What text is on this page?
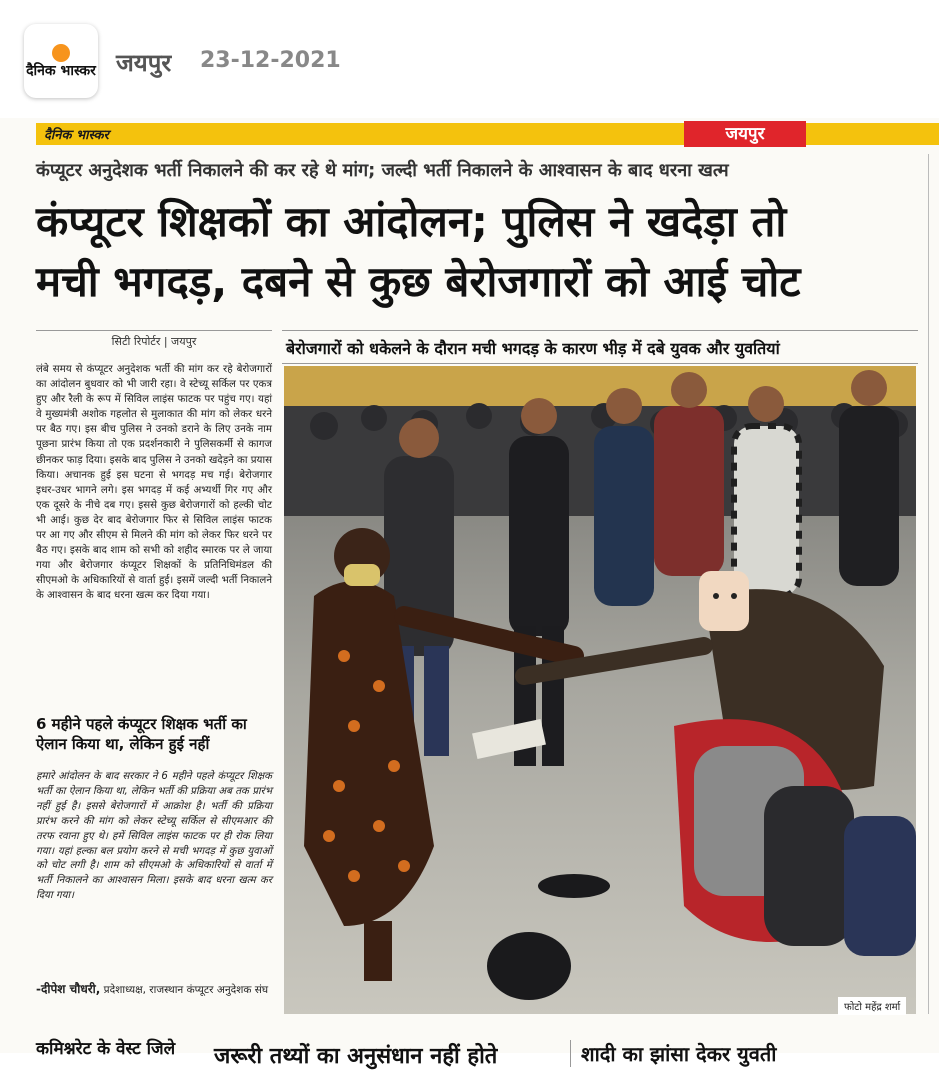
दैनिक भास्कर जयपुर 23-12-2021
दैनिक भास्कर	जयपुर
कंप्यूटर अनुदेशक भर्ती निकालने की कर रहे थे मांग; जल्दी भर्ती निकालने के आश्वासन के बाद धरना खत्म
कंप्यूटर शिक्षकों का आंदोलन; पुलिस ने खदेड़ा तो
मची भगदड़, दबने से कुछ बेरोजगारों को आई चोट
सिटी रिपोर्टर | जयपुर
लंबे समय से कंप्यूटर अनुदेशक भर्ती की मांग कर रहे बेरोजगारों का आंदोलन बुधवार को भी जारी रहा। वे स्टेच्यू सर्किल पर एकत्र हुए और रैली के रूप में सिविल लाइंस फाटक पर पहुंच गए। यहां वे मुख्यमंत्री अशोक गहलोत से मुलाकात की मांग को लेकर धरने पर बैठ गए। इस बीच पुलिस ने उनको डराने के लिए उनके नाम पूछना प्रारंभ किया तो एक प्रदर्शनकारी ने पुलिसकर्मी से कागज छीनकर फाड़ दिया। इसके बाद पुलिस ने उनको खदेड़ने का प्रयास किया। अचानक हुई इस घटना से भगदड़ मच गई। बेरोजगार इधर-उधर भागने लगे। इस भगदड़ में कई अभ्यर्थी गिर गए और एक दूसरे के नीचे दब गए। इससे कुछ बेरोजगारों को हल्की चोट भी आई। कुछ देर बाद बेरोजगार फिर से सिविल लाइंस फाटक पर आ गए और सीएम से मिलने की मांग को लेकर फिर धरने पर बैठ गए। इसके बाद शाम को सभी को शहीद स्मारक पर ले जाया गया और बेरोजगार कंप्यूटर शिक्षकों के प्रतिनिधिमंडल की सीएमओ के अधिकारियों से वार्ता हुई। इसमें जल्दी भर्ती निकालने के आश्वासन के बाद धरना खत्म कर दिया गया।
6 महीने पहले कंप्यूटर शिक्षक भर्ती का ऐलान किया था, लेकिन हुई नहीं
हमारे आंदोलन के बाद सरकार ने 6 महीने पहले कंप्यूटर शिक्षक भर्ती का ऐलान किया था, लेकिन भर्ती की प्रक्रिया अब तक प्रारंभ नहीं हुई है। इससे बेरोजगारों में आक्रोश है। भर्ती की प्रक्रिया प्रारंभ करने की मांग को लेकर स्टेच्यू सर्किल से सीएमआर की तरफ रवाना हुए थे। हमें सिविल लाइंस फाटक पर ही रोक लिया गया। यहां हल्का बल प्रयोग करने से मची भगदड़ में कुछ युवाओं को चोट लगी है। शाम को सीएमओ के अधिकारियों से वार्ता में भर्ती निकालने का आश्वासन मिला। इसके बाद धरना खत्म कर दिया गया।
-दीपेश चौधरी, प्रदेशाध्यक्ष, राजस्थान कंप्यूटर अनुदेशक संघ
बेरोजगारों को धकेलने के दौरान मची भगदड़ के कारण भीड़ में दबे युवक और युवतियां
फोटो महेंद्र शर्मा
कमिश्नरेट के वेस्ट जिले जरूरी तथ्यों का अनुसंधान नहीं होते	शादी का झांसा देकर युवती
